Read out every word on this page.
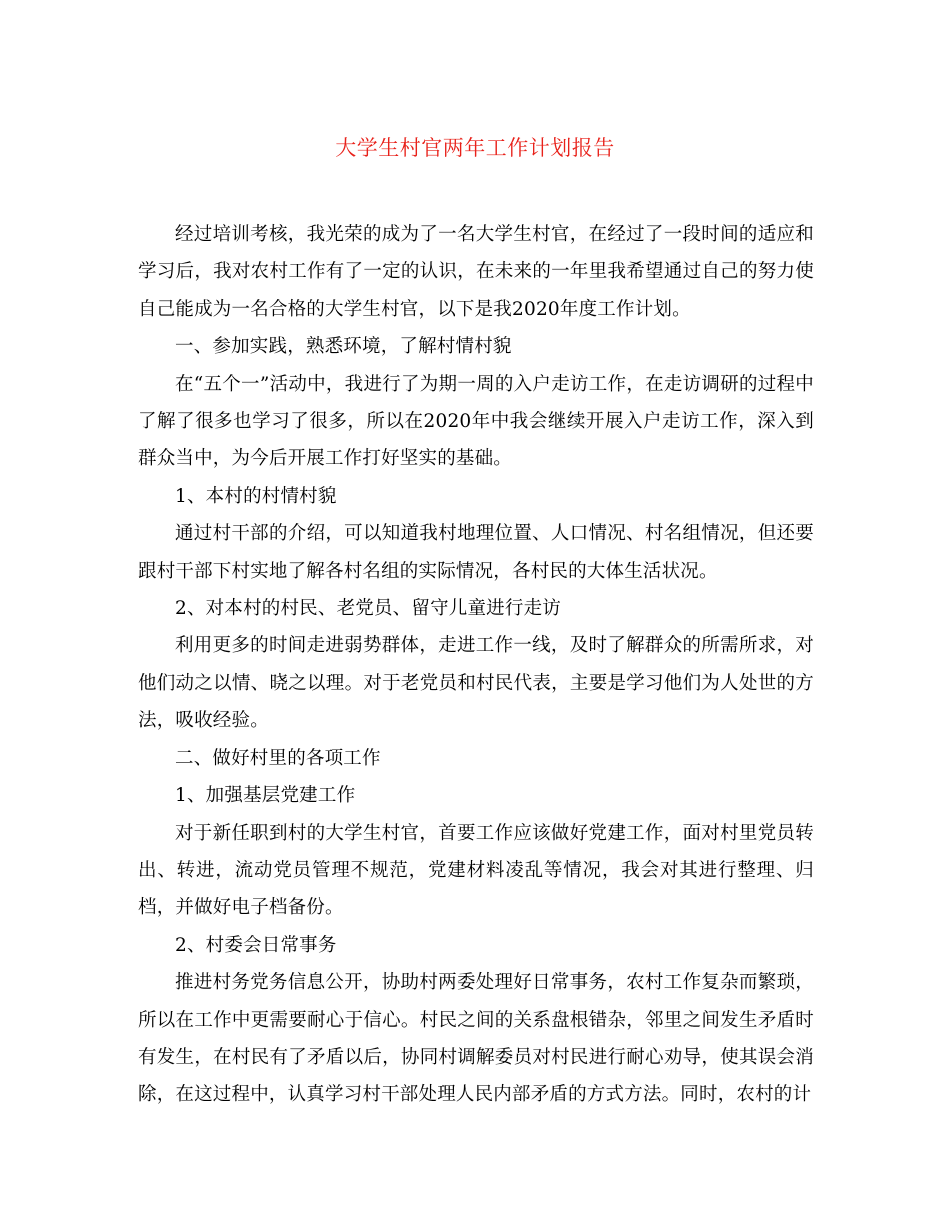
大学生村官两年工作计划报告

经过培训考核，我光荣的成为了一名大学生村官，在经过了一段时间的适应和学习后，我对农村工作有了一定的认识，在未来的一年里我希望通过自己的努力使自己能成为一名合格的大学生村官，以下是我2020年度工作计划。

一、参加实践，熟悉环境，了解村情村貌

在“五个一”活动中，我进行了为期一周的入户走访工作，在走访调研的过程中了解了很多也学习了很多，所以在2020年中我会继续开展入户走访工作，深入到群众当中，为今后开展工作打好坚实的基础。

1、本村的村情村貌

通过村干部的介绍，可以知道我村地理位置、人口情况、村名组情况，但还要跟村干部下村实地了解各村名组的实际情况，各村民的大体生活状况。

2、对本村的村民、老党员、留守儿童进行走访

利用更多的时间走进弱势群体，走进工作一线，及时了解群众的所需所求，对他们动之以情、晓之以理。对于老党员和村民代表，主要是学习他们为人处世的方法，吸收经验。

二、做好村里的各项工作

1、加强基层党建工作

对于新任职到村的大学生村官，首要工作应该做好党建工作，面对村里党员转出、转进，流动党员管理不规范，党建材料凌乱等情况，我会对其进行整理、归档，并做好电子档备份。

2、村委会日常事务

推进村务党务信息公开，协助村两委处理好日常事务，农村工作复杂而繁琐，所以在工作中更需要耐心于信心。村民之间的关系盘根错杂，邻里之间发生矛盾时有发生，在村民有了矛盾以后，协同村调解委员对村民进行耐心劝导，使其误会消除，在这过程中，认真学习村干部处理人民内部矛盾的方式方法。同时，农村的计
